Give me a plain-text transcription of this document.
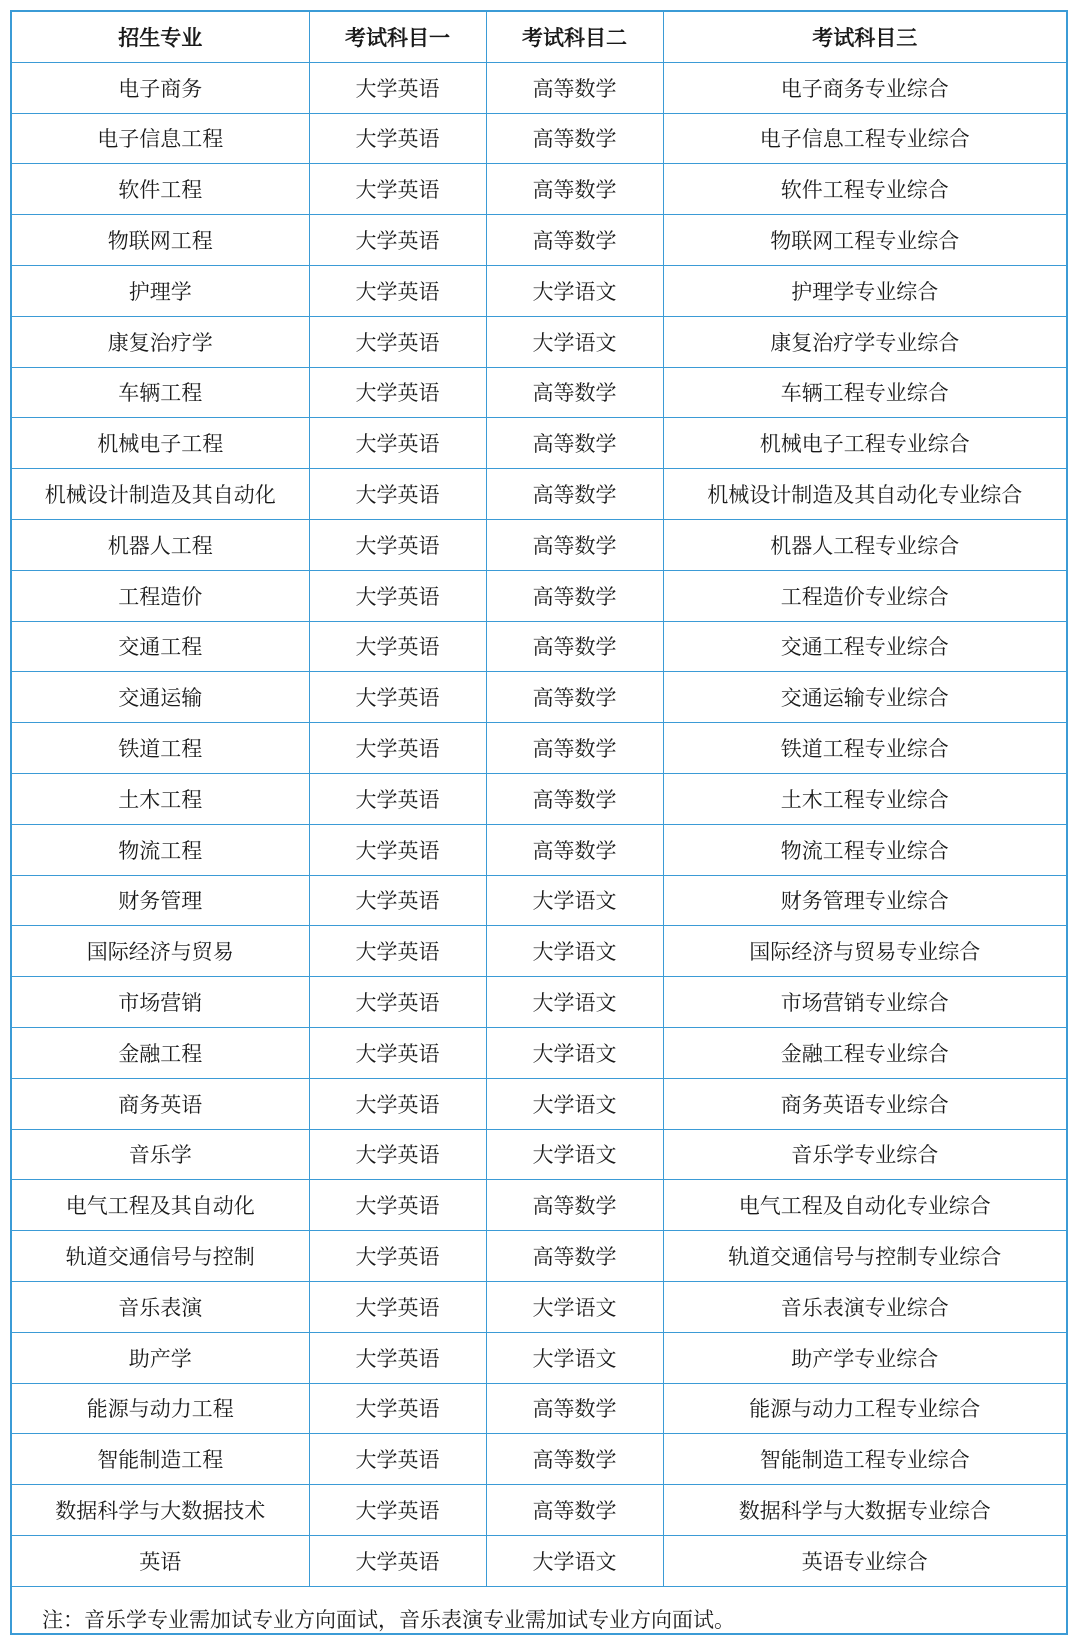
招生专业	考试科目一	考试科目二	考试科目三
电子商务	大学英语	高等数学	电子商务专业综合
电子信息工程	大学英语	高等数学	电子信息工程专业综合
软件工程	大学英语	高等数学	软件工程专业综合
物联网工程	大学英语	高等数学	物联网工程专业综合
护理学	大学英语	大学语文	护理学专业综合
康复治疗学	大学英语	大学语文	康复治疗学专业综合
车辆工程	大学英语	高等数学	车辆工程专业综合
机械电子工程	大学英语	高等数学	机械电子工程专业综合
机械设计制造及其自动化	大学英语	高等数学	机械设计制造及其自动化专业综合
机器人工程	大学英语	高等数学	机器人工程专业综合
工程造价	大学英语	高等数学	工程造价专业综合
交通工程	大学英语	高等数学	交通工程专业综合
交通运输	大学英语	高等数学	交通运输专业综合
铁道工程	大学英语	高等数学	铁道工程专业综合
土木工程	大学英语	高等数学	土木工程专业综合
物流工程	大学英语	高等数学	物流工程专业综合
财务管理	大学英语	大学语文	财务管理专业综合
国际经济与贸易	大学英语	大学语文	国际经济与贸易专业综合
市场营销	大学英语	大学语文	市场营销专业综合
金融工程	大学英语	大学语文	金融工程专业综合
商务英语	大学英语	大学语文	商务英语专业综合
音乐学	大学英语	大学语文	音乐学专业综合
电气工程及其自动化	大学英语	高等数学	电气工程及自动化专业综合
轨道交通信号与控制	大学英语	高等数学	轨道交通信号与控制专业综合
音乐表演	大学英语	大学语文	音乐表演专业综合
助产学	大学英语	大学语文	助产学专业综合
能源与动力工程	大学英语	高等数学	能源与动力工程专业综合
智能制造工程	大学英语	高等数学	智能制造工程专业综合
数据科学与大数据技术	大学英语	高等数学	数据科学与大数据专业综合
英语	大学英语	大学语文	英语专业综合
注：音乐学专业需加试专业方向面试，音乐表演专业需加试专业方向面试。			
